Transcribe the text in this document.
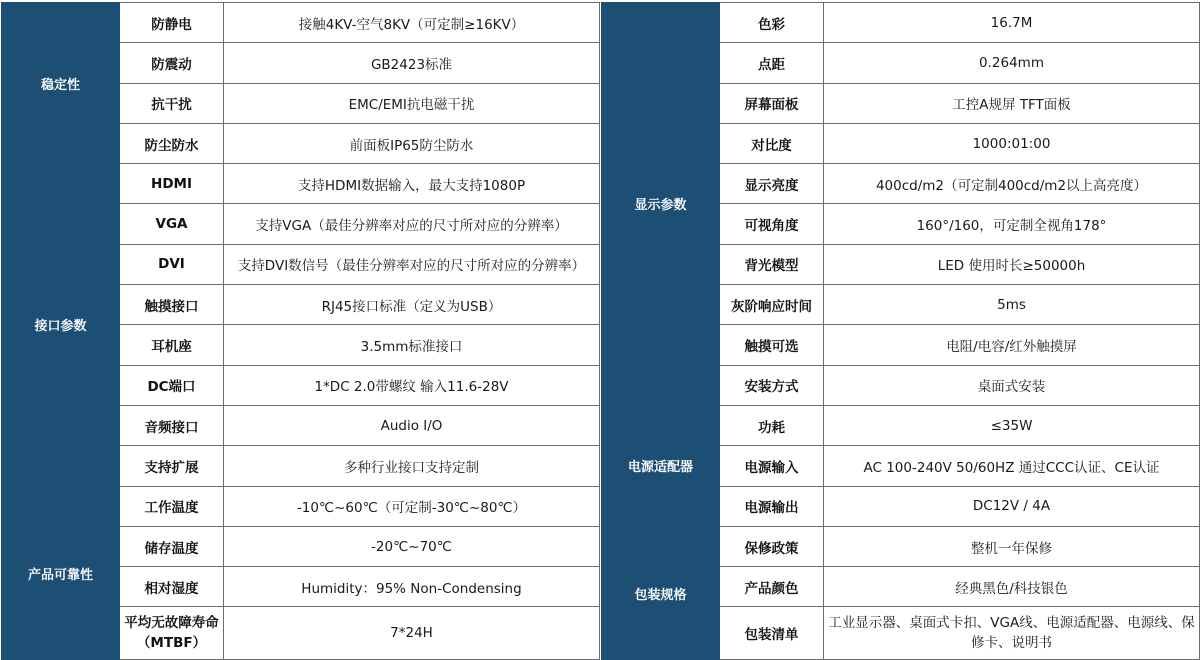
稳定性	防静电	接触4KV-空气8KV（可定制≥16KV）
	防震动	GB2423标准
	抗干扰	EMC/EMI抗电磁干扰
	防尘防水	前面板IP65防尘防水
接口参数	HDMI	支持HDMI数据输入，最大支持1080P
	VGA	支持VGA（最佳分辨率对应的尺寸所对应的分辨率）
	DVI	支持DVI数信号（最佳分辨率对应的尺寸所对应的分辨率）
	触摸接口	RJ45接口标准（定义为USB）
	耳机座	3.5mm标准接口
	DC端口	1*DC 2.0带螺纹 输入11.6-28V
	音频接口	Audio I/O
	支持扩展	多种行业接口支持定制
产品可靠性	工作温度	-10℃~60℃（可定制-30℃~80℃）
	储存温度	-20℃~70℃
	相对湿度	Humidity：95% Non-Condensing
	平均无故障寿命（MTBF）	7*24H
显示参数	色彩	16.7M
	点距	0.264mm
	屏幕面板	工控A规屏 TFT面板
	对比度	1000:01:00
	显示亮度	400cd/m2（可定制400cd/m2以上高亮度）
	可视角度	160°/160，可定制全视角178°
	背光模型	LED 使用时长≥50000h
	灰阶响应时间	5ms
	触摸可选	电阻/电容/红外触摸屏
	安装方式	桌面式安装
电源适配器	功耗	≤35W
	电源输入	AC 100-240V 50/60HZ 通过CCC认证、CE认证
	电源输出	DC12V / 4A
包装规格	保修政策	整机一年保修
	产品颜色	经典黑色/科技银色
	包装清单	工业显示器、桌面式卡扣、VGA线、电源适配器、电源线、保修卡、说明书
